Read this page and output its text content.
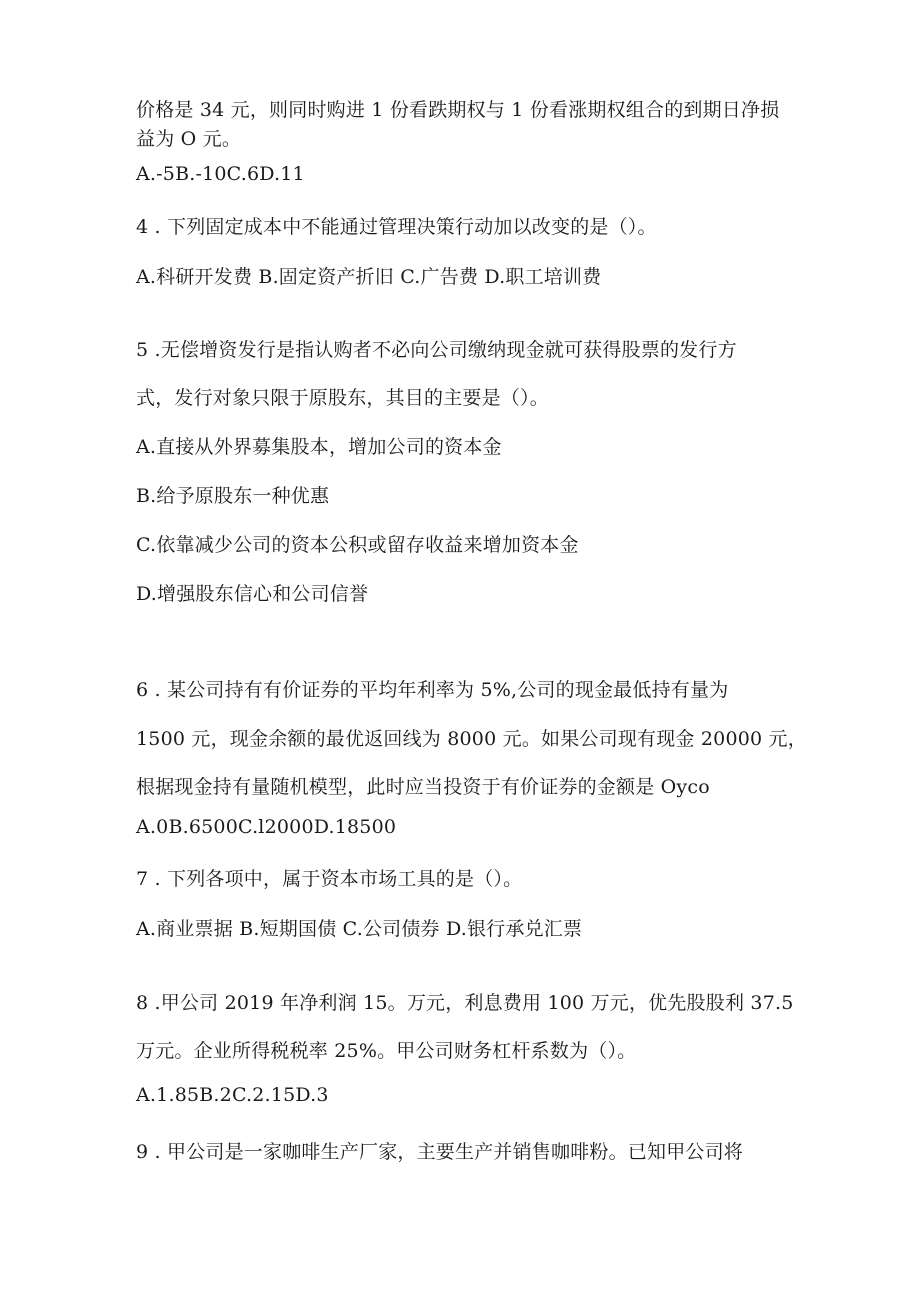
价格是 34 元，则同时购进 1 份看跌期权与 1 份看涨期权组合的到期日净损
益为 O 元。
A.-5B.-10C.6D.11
4 . 下列固定成本中不能通过管理决策行动加以改变的是（）。
A.科研开发费 B.固定资产折旧 C.广告费 D.职工培训费
5 .无偿增资发行是指认购者不必向公司缴纳现金就可获得股票的发行方
式，发行对象只限于原股东，其目的主要是（）。
A.直接从外界募集股本，增加公司的资本金
B.给予原股东一种优惠
C.依靠减少公司的资本公积或留存收益来增加资本金
D.增强股东信心和公司信誉
6 . 某公司持有有价证券的平均年利率为 5%,公司的现金最低持有量为
1500 元，现金余额的最优返回线为 8000 元。如果公司现有现金 20000 元，
根据现金持有量随机模型，此时应当投资于有价证券的金额是 Oyco
A.0B.6500C.l2000D.18500
7 . 下列各项中，属于资本市场工具的是（）。
A.商业票据 B.短期国债 C.公司债券 D.银行承兑汇票
8 .甲公司 2019 年净利润 15。万元，利息费用 100 万元，优先股股利 37.5
万元。企业所得税税率 25%。甲公司财务杠杆系数为（）。
A.1.85B.2C.2.15D.3
9 . 甲公司是一家咖啡生产厂家，主要生产并销售咖啡粉。已知甲公司将
